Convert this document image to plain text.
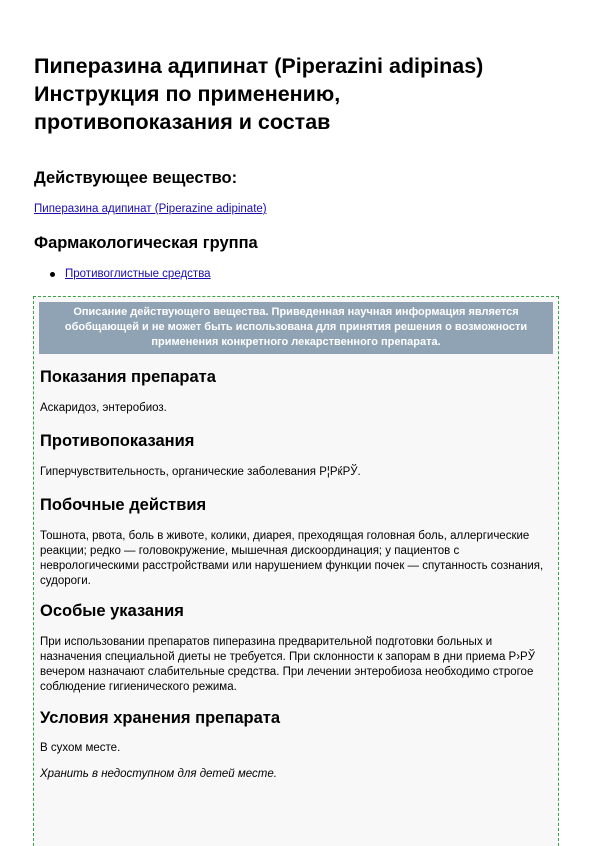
Пиперазина адипинат (Piperazini adipinas)
Инструкция по применению,
противопоказания и состав
Действующее вещество:
Пиперазина адипинат (Piperazine adipinate)
Фармакологическая группа
Противоглистные средства
Описание действующего вещества. Приведенная научная информация является обобщающей и не может быть использована для принятия решения о возможности применения конкретного лекарственного препарата.
Показания препарата

Аскаридоз, энтеробиоз.

Противопоказания

Гиперчувствительность, органические заболевания Р¦РќРЎ.

Побочные действия

Тошнота, рвота, боль в животе, колики, диарея, преходящая головная боль, аллергические реакции; редко — головокружение, мышечная дискоординация; у пациентов с неврологическими расстройствами или нарушением функции почек — спутанность сознания, судороги.

Особые указания

При использовании препаратов пиперазина предварительной подготовки больных и назначения специальной диеты не требуется. При склонности к запорам в дни приема Р›РЎ вечером назначают слабительные средства. При лечении энтеробиоза необходимо строгое соблюдение гигиенического режима.

Условия хранения препарата

В сухом месте.

Хранить в недоступном для детей месте.
